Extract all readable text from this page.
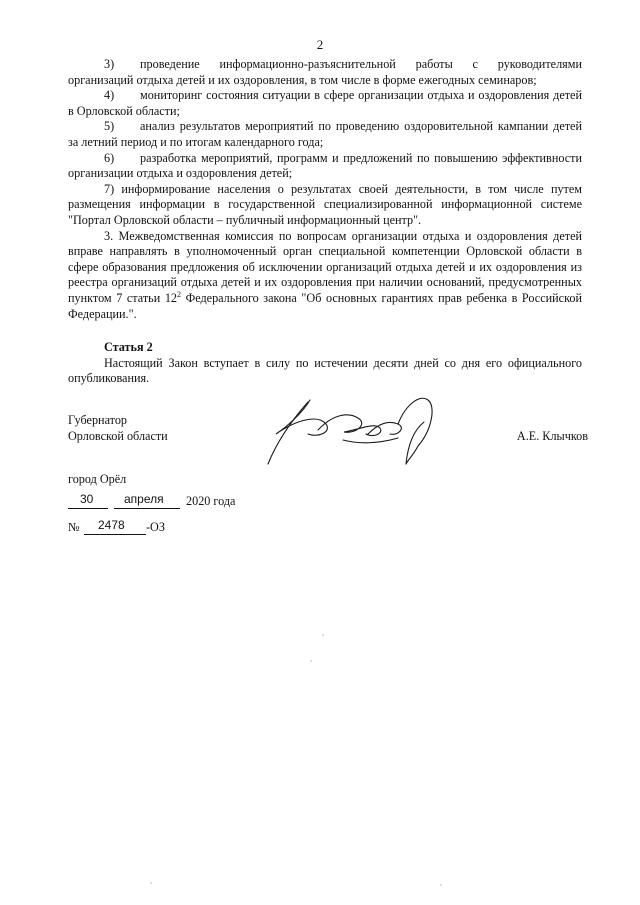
2

3) проведение информационно-разъяснительной работы с руководителями организаций отдыха детей и их оздоровления, в том числе в форме ежегодных семинаров;

4) мониторинг состояния ситуации в сфере организации отдыха и оздоровления детей в Орловской области;

5) анализ результатов мероприятий по проведению оздоровительной кампании детей за летний период и по итогам календарного года;

6) разработка мероприятий, программ и предложений по повышению эффективности организации отдыха и оздоровления детей;

7) информирование населения о результатах своей деятельности, в том числе путем размещения информации в государственной специализированной информационной системе "Портал Орловской области – публичный информационный центр".

3. Межведомственная комиссия по вопросам организации отдыха и оздоровления детей вправе направлять в уполномоченный орган специальной компетенции Орловской области в сфере образования предложения об исключении организаций отдыха детей и их оздоровления из реестра организаций отдыха детей и их оздоровления при наличии оснований, предусмотренных пунктом 7 статьи $12^2$ Федерального закона "Об основных гарантиях прав ребенка в Российской Федерации.".

Статья 2

Настоящий Закон вступает в силу по истечении десяти дней со дня его официального опубликования.

Губернатор
Орловской области	А.Е. Клычков
город Орёл
30	апреля 2020 года
№ 2478 -ОЗ
